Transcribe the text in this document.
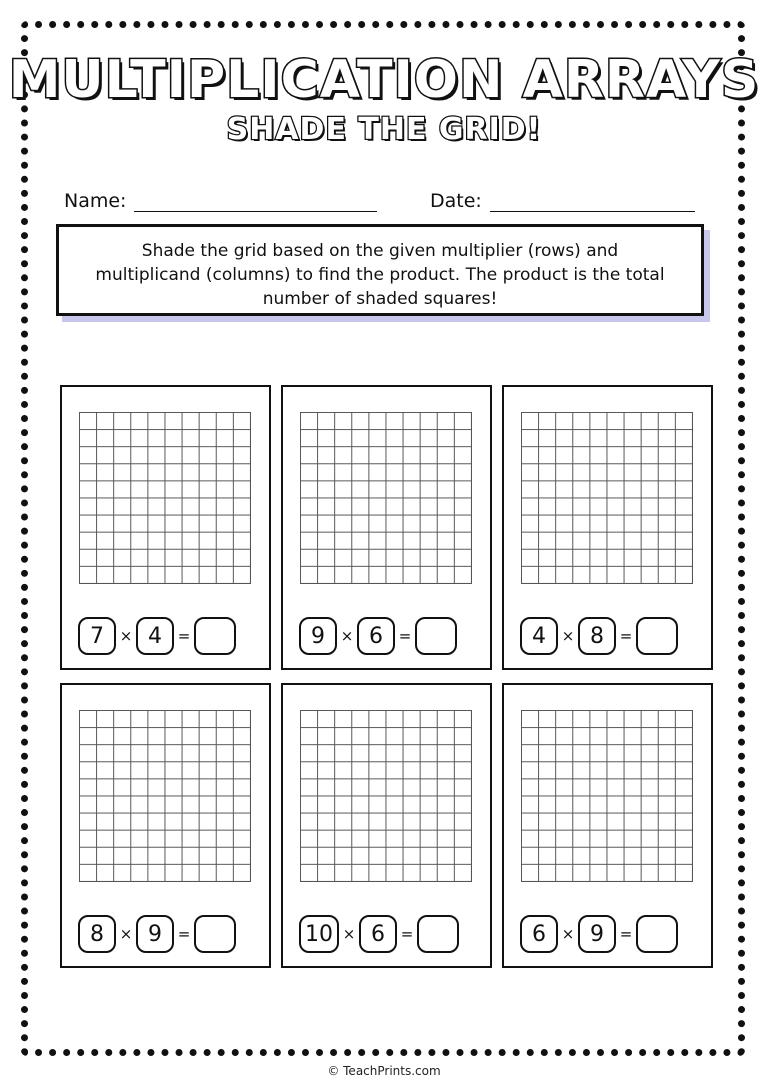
MULTIPLICATION ARRAYS
SHADE THE GRID!
Name:	Date:
Shade the grid based on the given multiplier (rows) and multiplicand (columns) to find the product. The product is the total number of shaded squares!
7	× 4	=	9	× 6	=	4	× 8	=
8	× 9	=	10 × 6	=	6	× 9	=
© TeachPrints.com
